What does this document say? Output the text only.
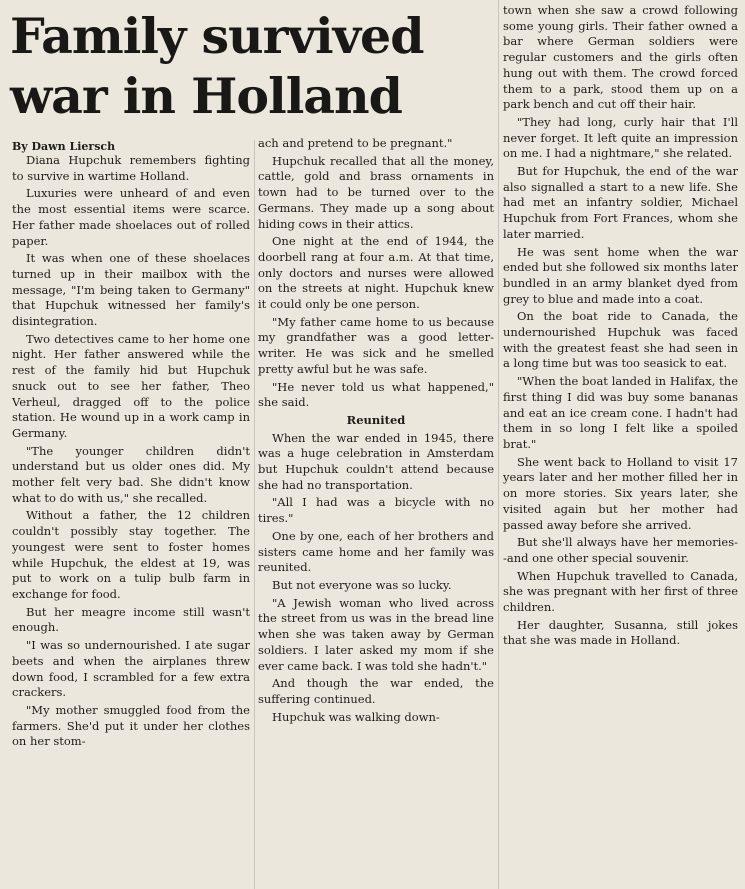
Family survived war in Holland
By Dawn Liersch

Diana Hupchuk remembers fighting to survive in wartime Holland.

Luxuries were unheard of and even the most essential items were scarce. Her father made shoelaces out of rolled paper.

It was when one of these shoelaces turned up in their mailbox with the message, "I'm being taken to Germany" that Hupchuk witnessed her family's disintegration.

Two detectives came to her home one night. Her father answered while the rest of the family hid but Hupchuk snuck out to see her father, Theo Verheul, dragged off to the police station. He wound up in a work camp in Germany.

"The younger children didn't understand but us older ones did. My mother felt very bad. She didn't know what to do with us," she recalled.

Without a father, the 12 children couldn't possibly stay together. The youngest were sent to foster homes while Hupchuk, the eldest at 19, was put to work on a tulip bulb farm in exchange for food.

But her meagre income still wasn't enough.

"I was so undernourished. I ate sugar beets and when the airplanes threw down food, I scrambled for a few extra crackers.

"My mother smuggled food from the farmers. She'd put it under her clothes on her stom-

ach and pretend to be pregnant."

Hupchuk recalled that all the money, cattle, gold and brass ornaments in town had to be turned over to the Germans. They made up a song about hiding cows in their attics.

One night at the end of 1944, the doorbell rang at four a.m. At that time, only doctors and nurses were allowed on the streets at night. Hupchuk knew it could only be one person.

"My father came home to us because my grandfather was a good letter-writer. He was sick and he smelled pretty awful but he was safe.

"He never told us what happened," she said.

Reunited

When the war ended in 1945, there was a huge celebration in Amsterdam but Hupchuk couldn't attend because she had no transportation.

"All I had was a bicycle with no tires."

One by one, each of her brothers and sisters came home and her family was reunited.

But not everyone was so lucky.

"A Jewish woman who lived across the street from us was in the bread line when she was taken away by German soldiers. I later asked my mom if she ever came back. I was told she hadn't."

And though the war ended, the suffering continued.

Hupchuk was walking down-

town when she saw a crowd following some young girls. Their father owned a bar where German soldiers were regular customers and the girls often hung out with them. The crowd forced them to a park, stood them up on a park bench and cut off their hair.

"They had long, curly hair that I'll never forget. It left quite an impression on me. I had a nightmare," she related.

But for Hupchuk, the end of the war also signalled a start to a new life. She had met an infantry soldier, Michael Hupchuk from Fort Frances, whom she later married.

He was sent home when the war ended but she followed six months later bundled in an army blanket dyed from grey to blue and made into a coat.

On the boat ride to Canada, the undernourished Hupchuk was faced with the greatest feast she had seen in a long time but was too seasick to eat.

"When the boat landed in Halifax, the first thing I did was buy some bananas and eat an ice cream cone. I hadn't had them in so long I felt like a spoiled brat."

She went back to Holland to visit 17 years later and her mother filled her in on more stories. Six years later, she visited again but her mother had passed away before she arrived.

But she'll always have her memories--and one other special souvenir.

When Hupchuk travelled to Canada, she was pregnant with her first of three children.

Her daughter, Susanna, still jokes that she was made in Holland.
